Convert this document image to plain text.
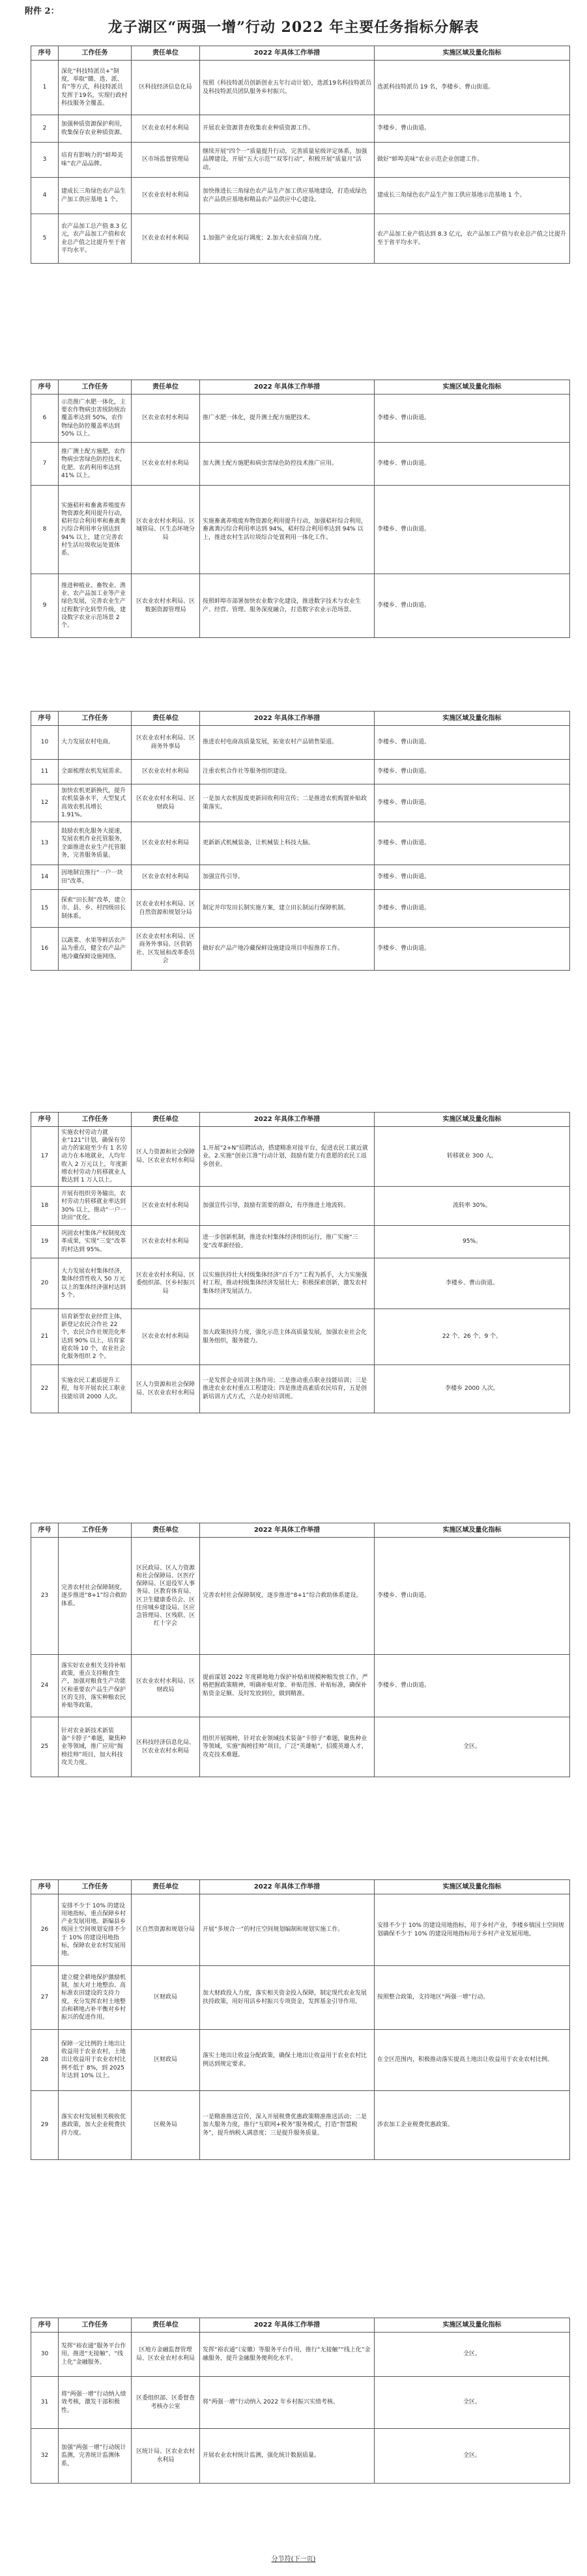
附件 2：
龙子湖区“两强一增”行动 2022 年主要任务指标分解表
序号	工作任务	责任单位	2022 年具体工作举措	实施区域及量化指标
1	深化“科技特派员+”制度，举取“赣、选、派、育”等方式，科技特派员发挥于19名，实现行政村科技服务全覆盖。	区科技经济信息化局	按照《科技特派员创新创业五年行动计划》，选派19名科技特派员及科技特派员团队服务乡村振兴。	选派科技特派员 19 名，李楼乡、曹山街道。
2	加强种质资源保护利用，收集保存农业种质资源。	区农业农村水利局	开展农业资源普查收集农业种质资源工作。	李楼乡、曹山街道。
3	培育有影响力的“蚌埠美味”农产品品牌。	区市场监督管理局	继续开展“四个一”质量提升行动，完善质量星级评定体系，加强品牌建设，开展“五大示范”“双零行动”，积极开展“质量月”活动。	做好“蚌埠美味”农业示范企业创建工作。
4	建成长三角绿色农产品生产加工供应基地 1 个。	区农业农村水利局	加快推进长三角绿色农产品生产加工供应基地建设，打造成绿色农产品供应基地和精品农产品供应中心建设。	建成长三角绿色农产品生产加工供应基地示范基地 1 个。
5	农产品加工总产值 8.3 亿元，农产品加工产值和农业总产值之比提升至于省平均水平。	区农业农村水利局	1.加强产业化运行调度；2.加大农业招商力度。	农产品加工业产值达到 8.3 亿元，农产品加工产值与农业总产值之比提升至于省平均水平。
序号	工作任务	责任单位	2022 年具体工作举措	实施区域及量化指标
6	示范推广水肥一体化，主要农作物病虫害统防统治覆盖率达到 50%，农作物绿色防控覆盖率达到 50% 以上。	区农业农村水利局	推广水肥一体化，提升测土配方施肥技术。	李楼乡、曹山街道。
7	推广测土配方施肥，农作物病虫害绿色防控技术，化肥、农药利用率达到 41% 以上。	区农业农村水利局	加大测土配方施肥和病虫害绿色防控技术推广应用。	李楼乡、曹山街道。
8	实施秸秆和畜禽养殖废弃物资源化利用提升行动，秸秆综合利用率和畜禽粪污综合利用率分别达到 94% 以上，建立完善农村生活垃圾收运处置体系。	区农业农村水利局、区城管局、区生态环境分局	实施畜禽养殖废弃物资源化利用提升行动，加强秸秆综合利用，畜禽粪污综合利用率达到 94%，秸秆综合利用率达到 94% 以上，推进农村生活垃圾综合处置利用一体化工作。	李楼乡、曹山街道。
9	推进种植业、畜牧业、渔业、农产品加工业等产业绿色发展，完善农业生产过程数字化转型升级，建设数字农业示范场景 2 个。	区农业农村水利局、区数据资源管理局	按照蚌埠市部署加快农业数字化建设，推进数字技术与农业生产、经营、管理、服务深度融合，打造数字农业示范场景。	李楼乡、曹山街道。
序号	工作任务	责任单位	2022 年具体工作举措	实施区域及量化指标
10	大力发展农村电商。	区农业农村水利局、区商务外事局	推进农村电商高质量发展，拓宽农村产品销售渠道。	李楼乡、曹山街道。
11	全面梳理农机发展需求。	区农业农村水利局	注重农机合作社等服务组织建设。	李楼乡、曹山街道。
12	加快农机更新换代，提升农机装备水平，大型复式高效农机具增长 1.91%。	区农业农村水利局、区财政局	一是加大农机报废更新回收利用宣传；二是推进农机购置补贴政策落实。	李楼乡、曹山街道。
13	鼓励农机化服务大提速，发展农机作业托管服务，全面推进农业生产托管服务，完善服务质量。	区农业农村水利局	更新新式机械装备，让机械装上科技大脑。	李楼乡、曹山街道。
14	因地制宜推行“一户一块田”改革。	区农业农村水利局	加强宣传引导。	李楼乡、曹山街道。
15	探索“田长制”改革，建立市、县、乡、村四级田长制体系。	区农业农村水利局、区自然资源和规划分局	制定并印发田长制实施方案，建立田长制运行保障机制。	李楼乡、曹山街道。
16	以蔬菜、水果等鲜活农产品为重点，健全农产品产地冷藏保鲜设施网络。	区农业农村水利局、区商务外事局、区供销社、区发展和改革委员会	做好农产品产地冷藏保鲜设施建设项目申报推荐工作。	李楼乡、曹山街道。
序号	工作任务	责任单位	2022 年具体工作举措	实施区域及量化指标
17	实施农村劳动力就业“121”计划，确保有劳动力的家庭至少有 1 名劳动力在本地就业，人均年收入 2 万元以上，年度新增农村劳动力转移就业人数达到 1 万人以上。	区人力资源和社会保障局、区农业农村水利局	1.开展“2+N”招聘活动，搭建精准对接平台，促进农民工就近就业。2.实施“创业江淮”行动计划，鼓励有能力有意愿的农民工返乡创业。	转移就业 300 人。
18	开展有组织劳务输出，农村劳动力转移就业率达到 30% 以上，推动“一户一块田”优化。	区农业农村水利局	加强宣传引导，鼓励有需要的群众，有序推进土地流转。	流转率 30%。
19	巩固农村集体产权制度改革成果，实现“三变”改革的村达到 95%。	区农业农村水利局	进一步创新机制，推进农村集体经济组织运行，推广实施“三变”改革新经验。	95%。
20	大力发展农村集体经济，集体经营性收入 50 万元以上的集体经济强村达到 5 个。	区农业农村水利局、区委组织部、区乡村振兴局	以实施扶持壮大村级集体经济“百千万”工程为抓手，大力实施强村工程，推动村级集体经济发展壮大；积极探索创新，激发农村集体经济发展活力。	李楼乡、曹山街道。
21	培育新型农业经营主体，新登记农民合作社 22 个，农民合作社规范化率达到 90% 以上，培育家庭农场 10 个，农业社会化服务组织 2 个。	区农业农村水利局	加大政策扶持力度，强化示范主体高质量发展，加强农业社会化服务组织，服务能力。	22 个、26 个、9 个。
22	实施农民工素质提升工程，每年开展农民工职业技能培训 2000 人次。	区人力资源和社会保障局、区农业农村水利局	一是发挥企业培训主体作用；二是推动重点职业技能培训；三是推进农业农村重点工程建设；四是推进高素质农民培育，五是创新培训方式方式，六是办好培训班。	李楼乡 2000 人次。
序号	工作任务	责任单位	2022 年具体工作举措	实施区域及量化指标
23	完善农村社会保障制度，逐步推进“8+1”综合救助体系。	区民政局、区人力资源和社会保障局、区医疗保障局、区退役军人事务局、区教育体育局、区卫生健康委员会、区住房城乡建设局、区应急管理局、区残联、区红十字会	完善农村社会保障制度，逐步推进“8+1”综合救助体系建设。	李楼乡、曹山街道。
24	落实好农业相关支持补贴政策，重点支持粮食生产，加强对粮食生产功能区和重要农产品生产保护区的支持，落实种粮农民补贴等政策。	区农业农村水利局、区财政局	提前谋划 2022 年度耕地地力保护补贴和规模种粮发放工作，严格把握政策精神，明确补贴对象、补贴范围、补贴标准，确保补贴资金足额、及时发放到位，做到精准。	李楼乡、曹山街道。
25	针对农业新技术新装备“卡脖子”难题，聚焦种业等领域，推广应用“揭榜挂帅”项目，加大科技攻关力度。	区科技经济信息化局、区农业农村水利局	组织开展揭榜，针对农业领域技术装备“卡脖子”难题，聚焦种业等领域，实施“揭榜挂帅”项目，广泛“英雄帖”，招揽英雄人才，攻克技术难题。	全区。
序号	工作任务	责任单位	2022 年具体工作举措	实施区域及量化指标
26	安排不少于 10% 的建设用地指标，重点保障乡村产业发展用地。新编县乡级国土空间规划安排不少于 10% 的建设用地指标，保障农业农村发展用地。	区自然资源和规划分局	开展“多规合一”的村庄空间规划编制和规划实施工作。	安排不少于 10% 的建设用地指标，用于乡村产业，李楼乡镇国土空间规划确保不少于 10% 的建设用地指标用于乡村产业发展用地。
27	建立健全耕地保护激励机制，加大对土地整治、高标准农田建设的支持力度，充分发挥农村土地整治和耕地占补平衡对乡村振兴的促进作用。	区财政局	加大财政投入力度，落实相关资金投入保障，制定现代农业发展扶持政策，用好用活乡村振兴专项资金，发挥基金引导作用。	按照整合政策，支持地区“两强一增”行动。
28	保障一定比例的土地出让收益用于农业农村，土地出让收益用于农业农村比例不低于 8%，到 2025 年达到 10% 以上。	区财政局	落实土地出让收益分配政策，确保土地出让收益用于农业农村比例达到规定要求。	在全区范围内，积极推动落实提高土地出让收益用于农业农村比例。
29	落实农村发展相关税收优惠政策，加大企业税费扶持力度。	区税务局	一是精准推送宣传，深入开展税费优惠政策精准推送活动；二是加大服务力度，推行“互联网+税务”服务模式，打造“智慧税务”，提升纳税人满意度；三是提升服务质量。	涉农加工企业税费优惠政策。
序号	工作任务	责任单位	2022 年具体工作举措	实施区域及量化指标
30	发挥“裕农通”服务平台作用，推进“无接触”、“线上化”金融服务。	区地方金融监督管理局、区农业农村水利局	发挥“裕农通”（安徽）等服务平台作用，推行“无接触”“线上化”金融服务，提升金融服务便利化水平。	全区。
31	将“两强一增”行动纳入绩效考核，激发干部积极性。	区委组织部、区委督查考核办公室	将“两强一增”行动纳入 2022 年乡村振兴实绩考核。	全区。
32	加强“两强一增”行动统计监测，完善统计监测体系。	区统计局、区农业农村水利局	开展农业农村统计监测，强化统计数据质量。	全区。
分节符(下一页)
